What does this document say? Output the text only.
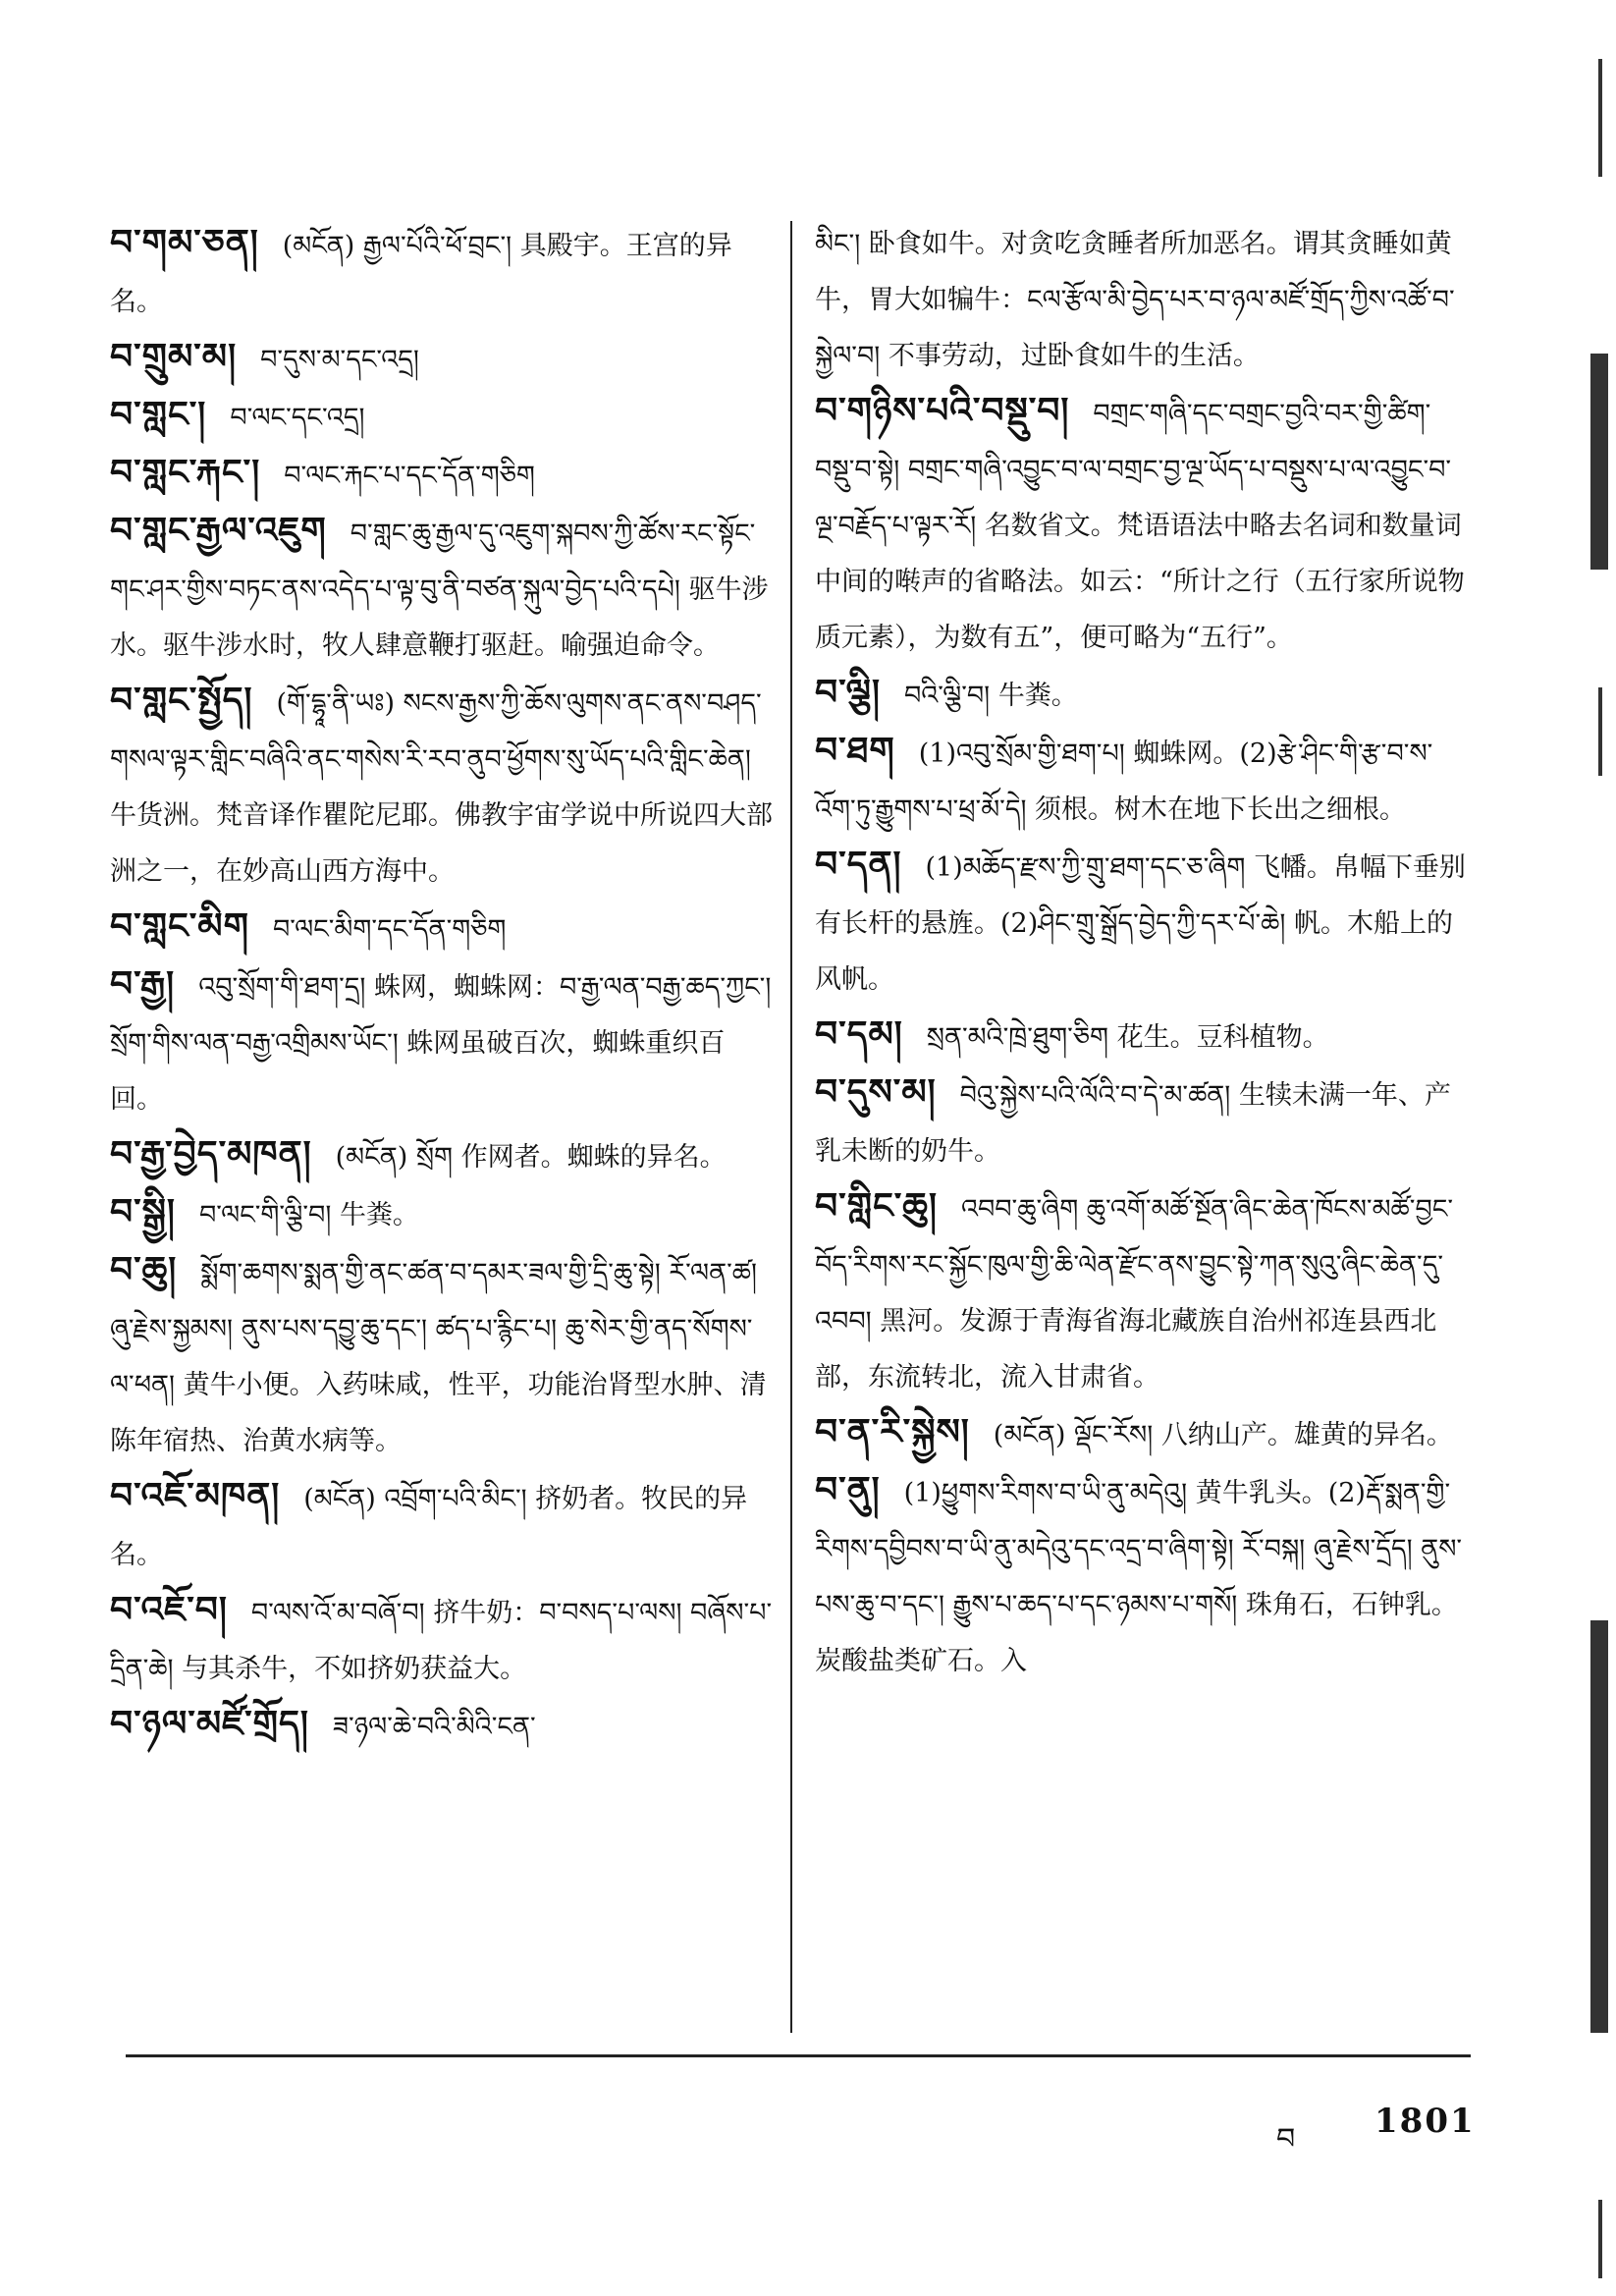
བ་གམ་ཅན། (མངོན) རྒྱལ་པོའི་ཕོ་བྲང་། 具殿宇。王宫的异名。

བ་གྲུམ་མ། བ་དུས་མ་དང་འདྲ།

བ་གླང་། བ་ལང་དང་འདྲ།

བ་གླང་རྐང་། བ་ལང་རྐང་པ་དང་དོན་གཅིག

བ་གླང་རྒྱལ་འཇུག བ་གླང་ཆུ་རྒྱལ་དུ་འཇུག་སྐབས་ཀྱི་ཚོས་རང་སྟོང་གང་ཤར་གྱིས་བཏང་ནས་འདེད་པ་ལྟ་བུ་ནི་བཙན་སྐུལ་བྱེད་པའི་དཔེ། 驱牛涉水。驱牛涉水时，牧人肆意鞭打驱赶。喻强迫命令。

བ་གླང་སྤྱོད། (གོ་དྷཱ་ནི་ཡཿ) སངས་རྒྱས་ཀྱི་ཆོས་ལུགས་ནང་ནས་བཤད་གསལ་ལྟར་གླིང་བཞིའི་ནང་གསེས་རི་རབ་ནུབ་ཕྱོགས་སུ་ཡོད་པའི་གླིང་ཆེན། 牛货洲。梵音译作瞿陀尼耶。佛教宇宙学说中所说四大部洲之一，在妙高山西方海中。

བ་གླང་མིག བ་ལང་མིག་དང་དོན་གཅིག

བ་རྒྱ། འབུ་སྲོག་གི་ཐག་དྲ། 蛛网，蜘蛛网：བ་རྒྱ་ལན་བརྒྱ་ཆད་ཀྱང་། སྲོག་གིས་ལན་བརྒྱ་འགྲིམས་ཡོང་། 蛛网虽破百次，蜘蛛重织百回。

བ་རྒྱ་བྱེད་མཁན། (མངོན) སྲོག 作网者。蜘蛛的异名。

བ་སྒྱི། བ་ལང་གི་ལྕི་བ། 牛粪。

བ་ཆུ། སྨོག་ཆགས་སྨན་གྱི་ནང་ཚན་བ་དམར་ཟལ་གྱི་དྲི་ཆུ་སྟེ། རོ་ལན་ཚ། ཞུ་རྗེས་སྐྱམས། ནུས་པས་དབྱུ་ཆུ་དང་། ཚད་པ་རྙིང་པ། ཆུ་སེར་གྱི་ནད་སོགས་ལ་ཕན། 黄牛小便。入药味咸，性平，功能治肾型水肿、清陈年宿热、治黄水病等。

བ་འཇོ་མཁན། (མངོན) འབྲོག་པའི་མིང་། 挤奶者。牧民的异名。

བ་འཇོ་བ། བ་ལས་འོ་མ་བཞོ་བ། 挤牛奶：བ་བསད་པ་ལས། བཞོས་པ་དྲིན་ཆེ། 与其杀牛，不如挤奶获益大。

བ་ཉལ་མཛོ་གྲོད། ཟ་ཉལ་ཆེ་བའི་མིའི་ངན་

མིང་། 卧食如牛。对贪吃贪睡者所加恶名。谓其贪睡如黄牛，胃大如犏牛：ངལ་རྩོལ་མི་བྱེད་པར་བ་ཉལ་མཛོ་གྲོད་ཀྱིས་འཚོ་བ་སྐྱེལ་བ། 不事劳动，过卧食如牛的生活。

བ་གཉིས་པའི་བསྡུ་བ། བགྲང་གཞི་དང་བགྲང་བྱའི་བར་གྱི་ཚིག་བསྡུ་བ་སྟེ། བགྲང་གཞི་འབྱུང་བ་ལ་བགྲང་བྱ་ལྔ་ཡོད་པ་བསྡུས་པ་ལ་འབྱུང་བ་ལྔ་བརྗོད་པ་ལྟར་རོ། 名数省文。梵语语法中略去名词和数量词中间的啭声的省略法。如云：“所计之行（五行家所说物质元素），为数有五”，便可略为“五行”。

བ་ལྕི། བའི་ལྕི་བ། 牛粪。

བ་ཐག (1)འབུ་སྲོམ་གྱི་ཐག་པ། 蜘蛛网。(2)རྩེ་ཤིང་གི་རྩ་བ་ས་འོག་ཏུ་རྒྱུགས་པ་ཕྲ་མོ་དེ། 须根。树木在地下长出之细根。

བ་དན། (1)མཆོད་རྫས་ཀྱི་གྲུ་ཐག་དང་ཅ་ཞིག 飞幡。帛幅下垂别有长杆的悬旌。(2)ཤིང་གྲུ་སྒྲོད་བྱེད་ཀྱི་དར་པོ་ཆེ། 帆。木船上的风帆。

བ་དམ། སྲན་མའི་ཁྲེ་ཐུག་ཅིག 花生。豆科植物。

བ་དུས་མ། བེའུ་སྐྱེས་པའི་ལོའི་བ་དེ་མ་ཚན། 生犊未满一年、产乳未断的奶牛。

བ་གླིང་ཆུ། འབབ་ཆུ་ཞིག ཆུ་འགོ་མཚོ་སྔོན་ཞིང་ཆེན་ཁོངས་མཚོ་བྱང་བོད་རིགས་རང་སྐྱོང་ཁུལ་གྱི་ཆི་ལེན་རྫོང་ནས་བྱུང་སྟེ་ཀན་སུའུ་ཞིང་ཆེན་དུ་འབབ། 黑河。发源于青海省海北藏族自治州祁连县西北部，东流转北，流入甘肃省。

བ་ན་རི་སྐྱེས། (མངོན) ལྡོང་རོས། 八纳山产。雄黄的异名。

བ་ནུ། (1)ཕྱུགས་རིགས་བ་ཡི་ནུ་མདེའུ། 黄牛乳头。(2)རྡོ་སྨན་གྱི་རིགས་དབྱིབས་བ་ཡི་ནུ་མདེའུ་དང་འདྲ་བ་ཞིག་སྟེ། རོ་བསྐ། ཞུ་རྗེས་དྲོད། ནུས་པས་ཆུ་བ་དང་། རྒྱུས་པ་ཆད་པ་དང་ཉམས་པ་གསོ། 珠角石，石钟乳。炭酸盐类矿石。入

བ 1801
